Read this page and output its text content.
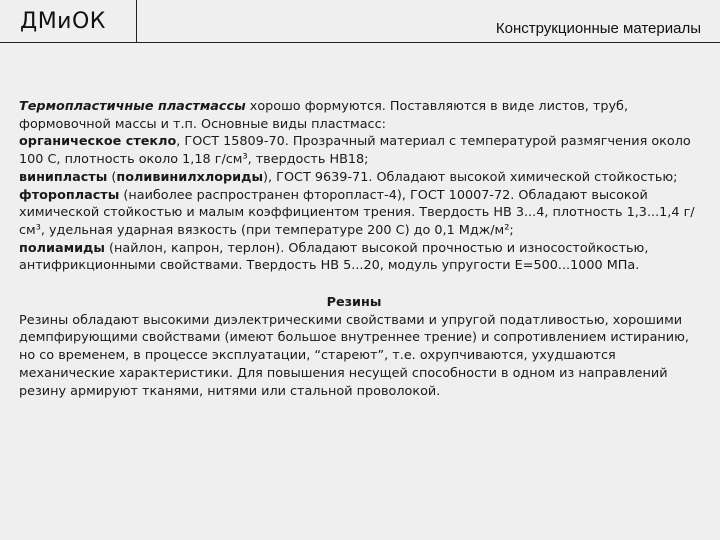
ДМиОК	Конструкционные материалы

Термопластичные пластмассы хорошо формуются. Поставляются в виде листов, труб, формовочной массы и т.п. Основные виды пластмасс:

органическое стекло, ГОСТ 15809-70. Прозрачный материал с температурой размягчения около 100 С, плотность около 1,18 г/см³, твердость НВ18;

винипласты (поливинилхлориды), ГОСТ 9639-71. Обладают высокой химической стойкостью;

фторопласты (наиболее распространен фторопласт-4), ГОСТ 10007-72. Обладают высокой химической стойкостью и малым коэффициентом трения. Твердость НВ 3...4, плотность 1,3...1,4 г/см³, удельная ударная вязкость (при температуре 200 С) до 0,1 Мдж/м²;

полиамиды (найлон, капрон, терлон). Обладают высокой прочностью и износостойкостью, антифрикционными свойствами. Твердость НВ 5...20, модуль упругости Е=500...1000 МПа.

Резины

Резины обладают высокими диэлектрическими свойствами и упругой податливостью, хорошими демпфирующими свойствами (имеют большое внутреннее трение) и сопротивлением истиранию, но со временем, в процессе эксплуатации, “стареют”, т.е. охрупчиваются, ухудшаются механические характеристики. Для повышения несущей способности в одном из направлений резину армируют тканями, нитями или стальной проволокой.
